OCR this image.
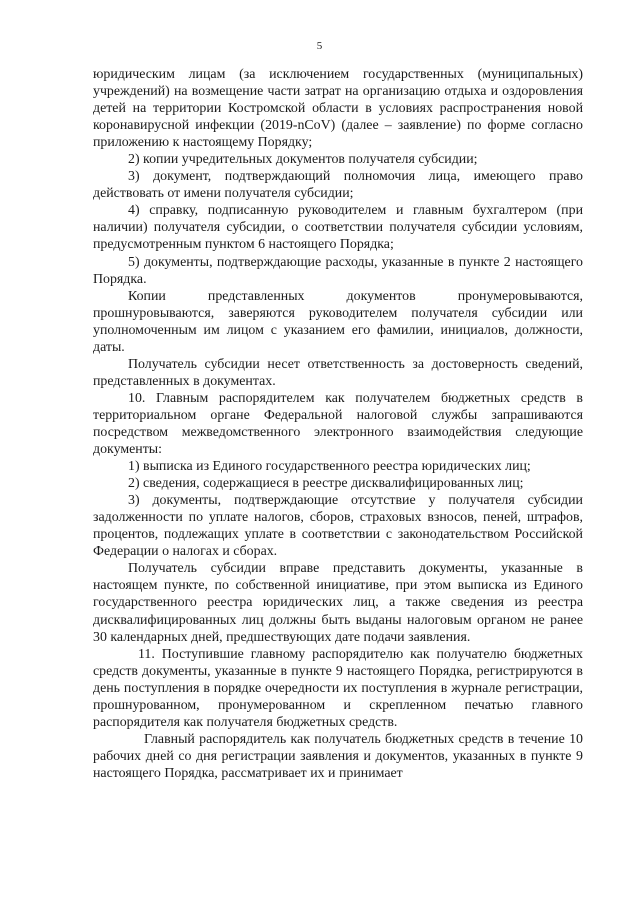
5

юридическим лицам (за исключением государственных (муниципальных) учреждений) на возмещение части затрат на организацию отдыха и оздоровления детей на территории Костромской области в условиях распространения новой коронавирусной инфекции (2019-nCoV) (далее – заявление) по форме согласно приложению к настоящему Порядку;

2) копии учредительных документов получателя субсидии;

3) документ, подтверждающий полномочия лица, имеющего право действовать от имени получателя субсидии;

4) справку, подписанную руководителем и главным бухгалтером (при наличии) получателя субсидии, о соответствии получателя субсидии условиям, предусмотренным пунктом 6 настоящего Порядка;

5) документы, подтверждающие расходы, указанные в пункте 2 настоящего Порядка.

Копии представленных документов пронумеровываются, прошнуровываются, заверяются руководителем получателя субсидии или уполномоченным им лицом с указанием его фамилии, инициалов, должности, даты.

Получатель субсидии несет ответственность за достоверность сведений, представленных в документах.

10. Главным распорядителем как получателем бюджетных средств в территориальном органе Федеральной налоговой службы запрашиваются посредством межведомственного электронного взаимодействия следующие документы:

1) выписка из Единого государственного реестра юридических лиц;

2) сведения, содержащиеся в реестре дисквалифицированных лиц;

3) документы, подтверждающие отсутствие у получателя субсидии задолженности по уплате налогов, сборов, страховых взносов, пеней, штрафов, процентов, подлежащих уплате в соответствии с законодательством Российской Федерации о налогах и сборах.

Получатель субсидии вправе представить документы, указанные в настоящем пункте, по собственной инициативе, при этом выписка из Единого государственного реестра юридических лиц, а также сведения из реестра дисквалифицированных лиц должны быть выданы налоговым органом не ранее 30 календарных дней, предшествующих дате подачи заявления.

11. Поступившие главному распорядителю как получателю бюджетных средств документы, указанные в пункте 9 настоящего Порядка, регистрируются в день поступления в порядке очередности их поступления в журнале регистрации, прошнурованном, пронумерованном и скрепленном печатью главного распорядителя как получателя бюджетных средств.

Главный распорядитель как получатель бюджетных средств в течение 10 рабочих дней со дня регистрации заявления и документов, указанных в пункте 9 настоящего Порядка, рассматривает их и принимает
